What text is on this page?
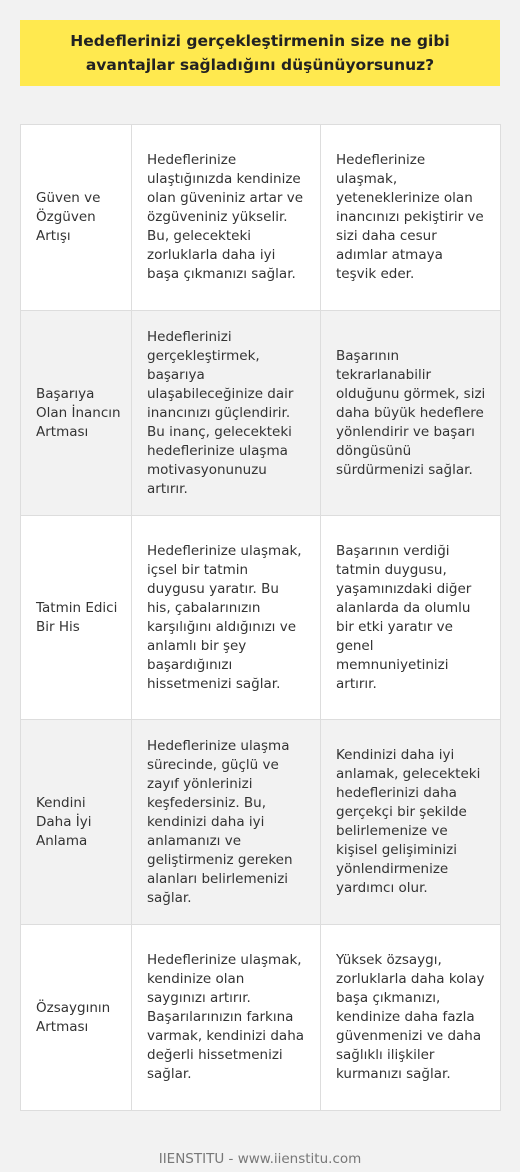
Hedeflerinizi gerçekleştirmenin size ne gibi avantajlar sağladığını düşünüyorsunuz?
Güven ve Özgüven Artışı	Hedeflerinize ulaştığınızda kendinize olan güveniniz artar ve özgüveniniz yükselir. Bu, gelecekteki zorluklarla daha iyi başa çıkmanızı sağlar.	Hedeflerinize ulaşmak, yeteneklerinize olan inancınızı pekiştirir ve sizi daha cesur adımlar atmaya teşvik eder.
Başarıya Olan İnancın Artması	Hedeflerinizi gerçekleştirmek, başarıya ulaşabileceğinize dair inancınızı güçlendirir. Bu inanç, gelecekteki hedeflerinize ulaşma motivasyonunuzu artırır.	Başarının tekrarlanabilir olduğunu görmek, sizi daha büyük hedeflere yönlendirir ve başarı döngüsünü sürdürmenizi sağlar.
Tatmin Edici Bir His	Hedeflerinize ulaşmak, içsel bir tatmin duygusu yaratır. Bu his, çabalarınızın karşılığını aldığınızı ve anlamlı bir şey başardığınızı hissetmenizi sağlar.	Başarının verdiği tatmin duygusu, yaşamınızdaki diğer alanlarda da olumlu bir etki yaratır ve genel memnuniyetinizi artırır.
Kendini Daha İyi Anlama	Hedeflerinize ulaşma sürecinde, güçlü ve zayıf yönlerinizi keşfedersiniz. Bu, kendinizi daha iyi anlamanızı ve geliştirmeniz gereken alanları belirlemenizi sağlar.	Kendinizi daha iyi anlamak, gelecekteki hedeflerinizi daha gerçekçi bir şekilde belirlemenize ve kişisel gelişiminizi yönlendirmenize yardımcı olur.
Özsaygının Artması	Hedeflerinize ulaşmak, kendinize olan saygınızı artırır. Başarılarınızın farkına varmak, kendinizi daha değerli hissetmenizi sağlar.	Yüksek özsaygı, zorluklarla daha kolay başa çıkmanızı, kendinize daha fazla güvenmenizi ve daha sağlıklı ilişkiler kurmanızı sağlar.
IIENSTITU - www.iienstitu.com
